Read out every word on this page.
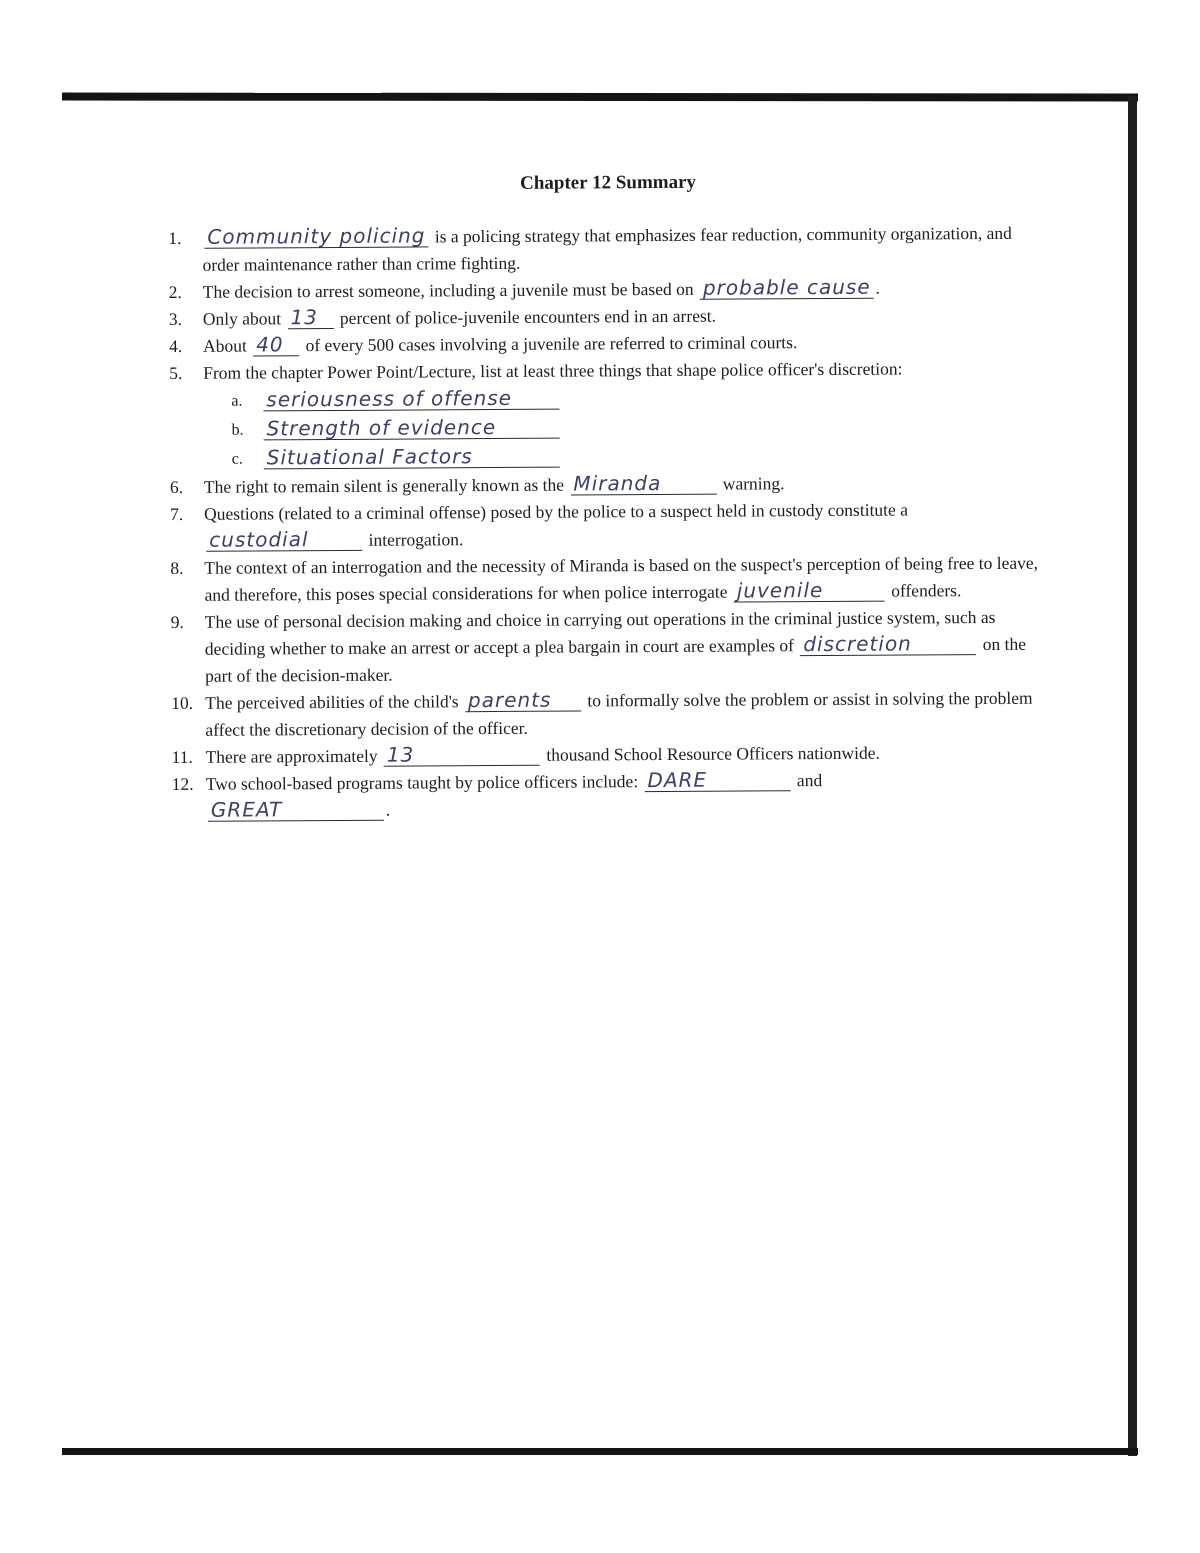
Chapter 12 Summary

1. Community policing is a policing strategy that emphasizes fear reduction, community organization, and order maintenance rather than crime fighting.

2. The decision to arrest someone, including a juvenile must be based on probable cause .

3. Only about 13 percent of police-juvenile encounters end in an arrest.

4. About 40 of every 500 cases involving a juvenile are referred to criminal courts.

5. From the chapter Power Point/Lecture, list at least three things that shape police officer's discretion:

a. seriousness of offense
b. Strength of evidence
c. Situational Factors

6. The right to remain silent is generally known as the Miranda	warning.

7. Questions (related to a criminal offense) posed by the police to a suspect held in custody constitute a custodial	interrogation.

8. The context of an interrogation and the necessity of Miranda is based on the suspect's perception of being free to leave, and therefore, this poses special considerations for when police interrogate juvenile	offenders.

9. The use of personal decision making and choice in carrying out operations in the criminal justice system, such as deciding whether to make an arrest or accept a plea bargain in court are examples of discretion	on the part of the decision-maker.

10. The perceived abilities of the child's parents to informally solve the problem or assist in solving the problem affect the discretionary decision of the officer.

11. There are approximately 13	thousand School Resource Officers nationwide.

12. Two school-based programs taught by police officers include: DARE	and
GREAT	.
